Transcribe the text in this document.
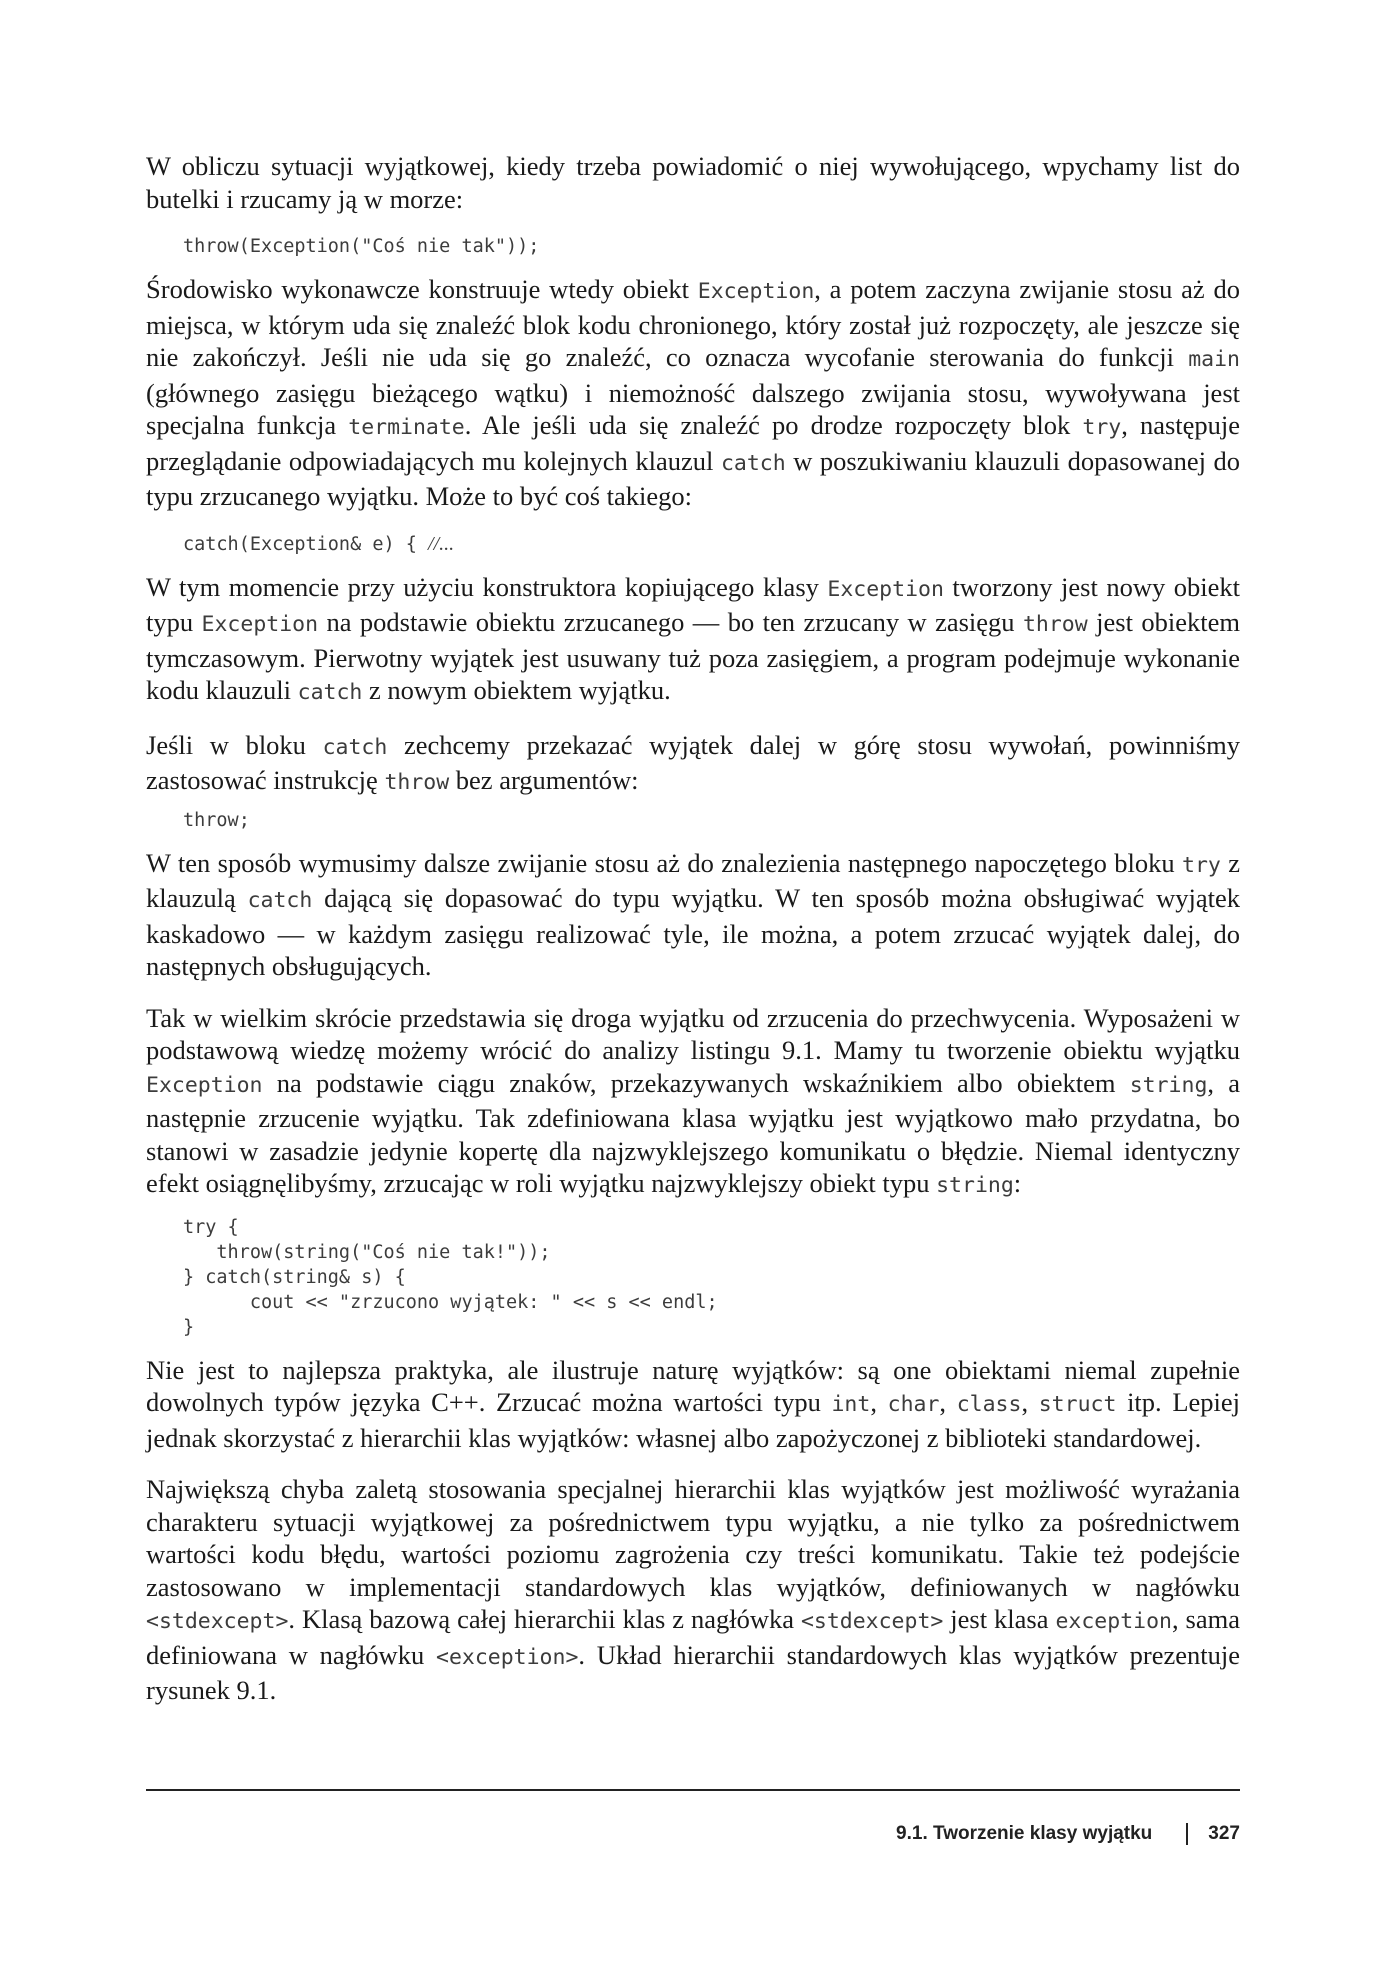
W obliczu sytuacji wyjątkowej, kiedy trzeba powiadomić o niej wywołującego, wpychamy list do butelki i rzucamy ją w morze:

throw(Exception("Coś nie tak"));

Środowisko wykonawcze konstruuje wtedy obiekt Exception, a potem zaczyna zwijanie stosu aż do miejsca, w którym uda się znaleźć blok kodu chronionego, który został już rozpoczęty, ale jeszcze się nie zakończył. Jeśli nie uda się go znaleźć, co oznacza wycofanie sterowania do funkcji main (głównego zasięgu bieżącego wątku) i niemożność dalszego zwijania stosu, wywoływana jest specjalna funkcja terminate. Ale jeśli uda się znaleźć po drodze rozpoczęty blok try, następuje przeglądanie odpowiadających mu kolejnych klauzul catch w poszukiwaniu klauzuli dopasowanej do typu zrzucanego wyjątku. Może to być coś takiego:

catch(Exception& e) { //...

W tym momencie przy użyciu konstruktora kopiującego klasy Exception tworzony jest nowy obiekt typu Exception na podstawie obiektu zrzucanego — bo ten zrzucany w zasięgu throw jest obiektem tymczasowym. Pierwotny wyjątek jest usuwany tuż poza zasięgiem, a program podejmuje wykonanie kodu klauzuli catch z nowym obiektem wyjątku.

Jeśli w bloku catch zechcemy przekazać wyjątek dalej w górę stosu wywołań, powinniśmy zastosować instrukcję throw bez argumentów:

throw;

W ten sposób wymusimy dalsze zwijanie stosu aż do znalezienia następnego napoczętego bloku try z klauzulą catch dającą się dopasować do typu wyjątku. W ten sposób można obsługiwać wyjątek kaskadowo — w każdym zasięgu realizować tyle, ile można, a potem zrzucać wyjątek dalej, do następnych obsługujących.

Tak w wielkim skrócie przedstawia się droga wyjątku od zrzucenia do przechwycenia. Wyposażeni w podstawową wiedzę możemy wrócić do analizy listingu 9.1. Mamy tu tworzenie obiektu wyjątku Exception na podstawie ciągu znaków, przekazywanych wskaźnikiem albo obiektem string, a następnie zrzucenie wyjątku. Tak zdefiniowana klasa wyjątku jest wyjątkowo mało przydatna, bo stanowi w zasadzie jedynie kopertę dla najzwyklejszego komunikatu o błędzie. Niemal identyczny efekt osiągnęlibyśmy, zrzucając w roli wyjątku najzwyklejszy obiekt typu string:

try {
throw(string("Coś nie tak!"));
} catch(string& s) {
cout << "zrzucono wyjątek: " << s << endl;
}

Nie jest to najlepsza praktyka, ale ilustruje naturę wyjątków: są one obiektami niemal zupełnie dowolnych typów języka C++. Zrzucać można wartości typu int, char, class, struct itp. Lepiej jednak skorzystać z hierarchii klas wyjątków: własnej albo zapożyczonej z biblioteki standardowej.

Największą chyba zaletą stosowania specjalnej hierarchii klas wyjątków jest możliwość wyrażania charakteru sytuacji wyjątkowej za pośrednictwem typu wyjątku, a nie tylko za pośrednictwem wartości kodu błędu, wartości poziomu zagrożenia czy treści komunikatu. Takie też podejście zastosowano w implementacji standardowych klas wyjątków, definiowanych w nagłówku <stdexcept>. Klasą bazową całej hierarchii klas z nagłówka <stdexcept> jest klasa exception, sama definiowana w nagłówku <exception>. Układ hierarchii standardowych klas wyjątków prezentuje rysunek 9.1.

9.1. Tworzenie klasy wyjątku	327
